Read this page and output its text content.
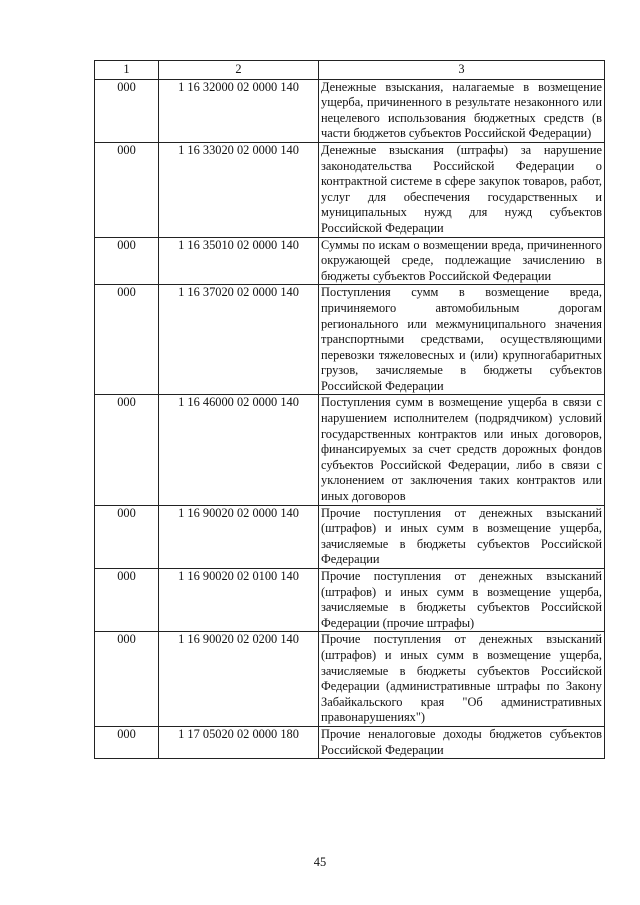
1	2	3
000	1 16 32000 02 0000 140	Денежные взыскания, налагаемые в возмещение ущерба, причиненного в результате незаконного или нецелевого использования бюджетных средств (в части бюджетов субъектов Российской Федерации)
000	1 16 33020 02 0000 140	Денежные взыскания (штрафы) за нарушение законодательства Российской Федерации о контрактной системе в сфере закупок товаров, работ, услуг для обеспечения государственных и муниципальных нужд для нужд субъектов Российской Федерации
000	1 16 35010 02 0000 140	Суммы по искам о возмещении вреда, причиненного окружающей среде, подлежащие зачислению в бюджеты субъектов Российской Федерации
000	1 16 37020 02 0000 140	Поступления сумм в возмещение вреда, причиняемого автомобильным дорогам регионального или межмуниципального значения транспортными средствами, осуществляющими перевозки тяжеловесных и (или) крупногабаритных грузов, зачисляемые в бюджеты субъектов Российской Федерации
000	1 16 46000 02 0000 140	Поступления сумм в возмещение ущерба в связи с нарушением исполнителем (подрядчиком) условий государственных контрактов или иных договоров, финансируемых за счет средств дорожных фондов субъектов Российской Федерации, либо в связи с уклонением от заключения таких контрактов или иных договоров
000	1 16 90020 02 0000 140	Прочие поступления от денежных взысканий (штрафов) и иных сумм в возмещение ущерба, зачисляемые в бюджеты субъектов Российской Федерации
000	1 16 90020 02 0100 140	Прочие поступления от денежных взысканий (штрафов) и иных сумм в возмещение ущерба, зачисляемые в бюджеты субъектов Российской Федерации (прочие штрафы)
000	1 16 90020 02 0200 140	Прочие поступления от денежных взысканий (штрафов) и иных сумм в возмещение ущерба, зачисляемые в бюджеты субъектов Российской Федерации (административные штрафы по Закону Забайкальского края "Об административных правонарушениях")
000	1 17 05020 02 0000 180	Прочие неналоговые доходы бюджетов субъектов Российской Федерации
45
